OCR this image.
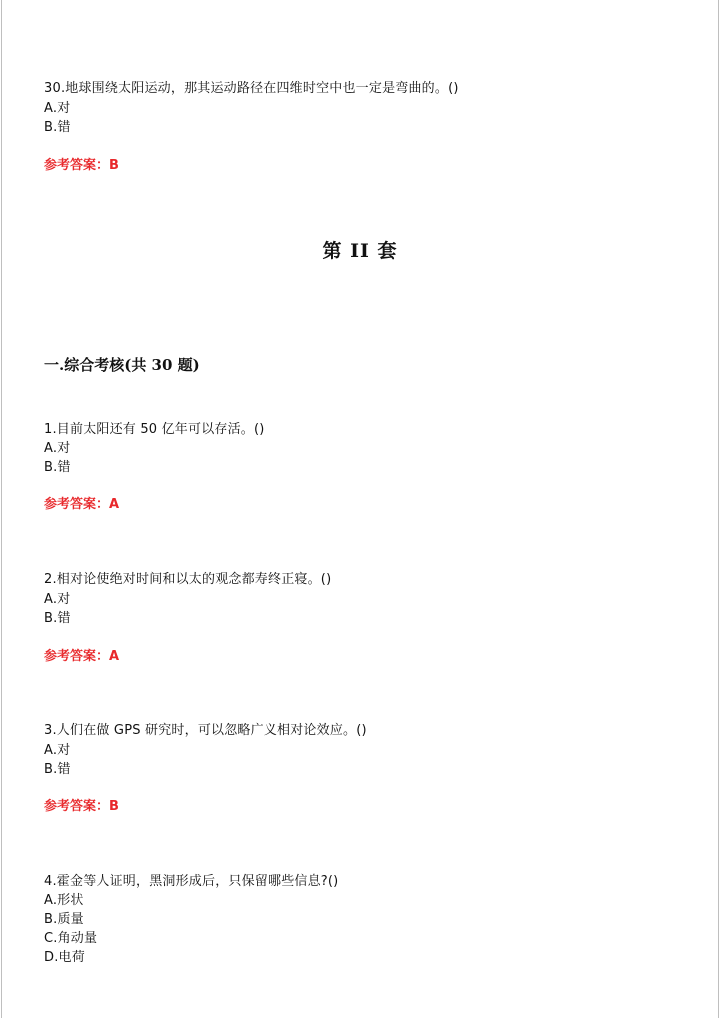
30.地球围绕太阳运动，那其运动路径在四维时空中也一定是弯曲的。()
A.对
B.错
参考答案：B
第 II 套
一.综合考核(共 30 题)
1.目前太阳还有 50 亿年可以存活。()
A.对
B.错
参考答案：A
2.相对论使绝对时间和以太的观念都寿终正寝。()
A.对
B.错
参考答案：A
3.人们在做 GPS 研究时，可以忽略广义相对论效应。()
A.对
B.错
参考答案：B
4.霍金等人证明，黑洞形成后，只保留哪些信息?()
A.形状
B.质量
C.角动量
D.电荷
